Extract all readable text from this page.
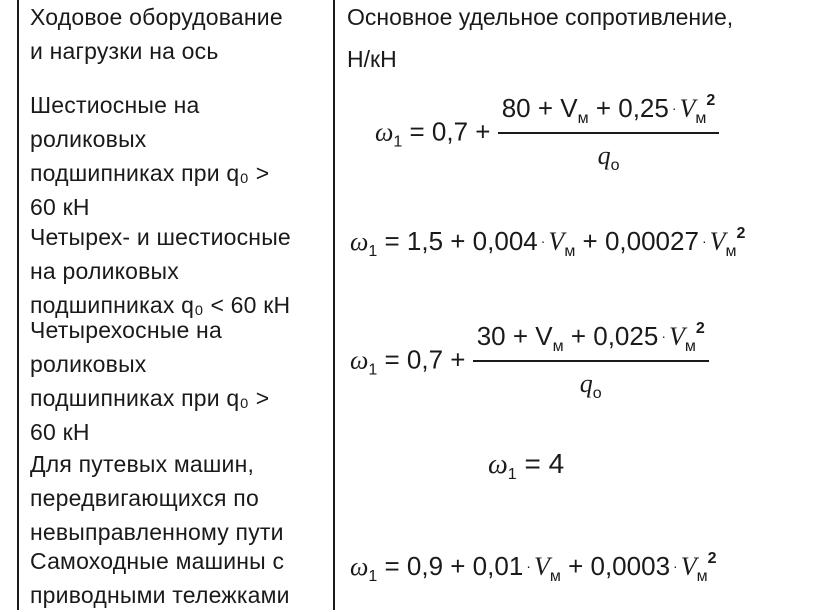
Ходовое оборудование
и нагрузки на ось
Основное удельное сопротивление,
Н/кН
Шестиосные на
роликовых
подшипниках при q₀ >
60 кН
$\omega_1 = 0,7 + \frac{80 + V_м + 0,25 \cdot V_м^2}{q_о}$
Четырех- и шестиосные
на роликовых
подшипниках q₀ < 60 кН
$\omega_1 = 1,5 + 0,004 \cdot V_м + 0,00027 \cdot V_м^2$
Четырехосные на
роликовых
подшипниках при q₀ >
60 кН
$\omega_1 = 0,7 + \frac{30 + V_м + 0,025 \cdot V_м^2}{q_о}$
Для путевых машин,
передвигающихся по
невыправленному пути
$\omega_1 = 4$
Самоходные машины с
приводными тележками
$\omega_1 = 0,9 + 0,01 \cdot V_м + 0,0003 \cdot V_м^2$
